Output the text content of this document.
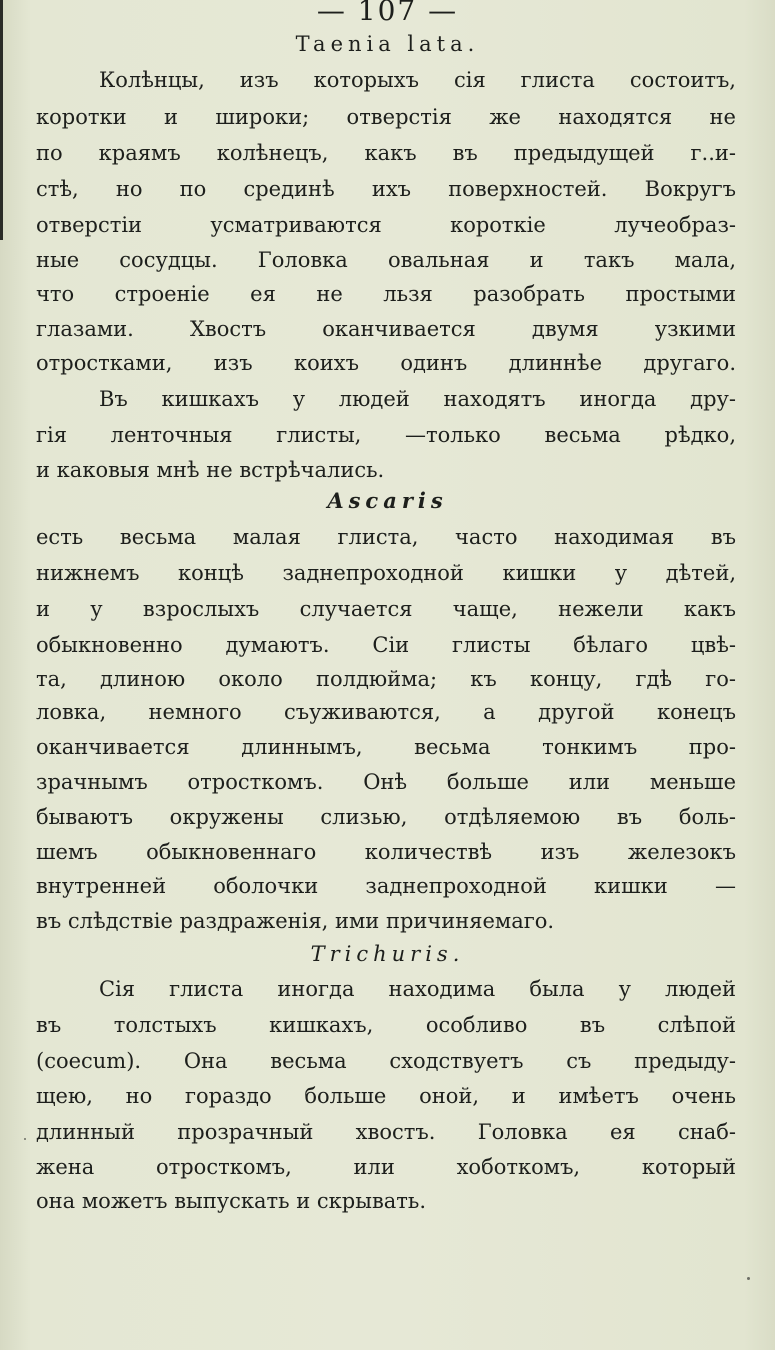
— 107 —
Taenia lata.
Колѣнцы, изъ которыхъ сія глиста состоитъ,
коротки и широки; отверстія же находятся не
по краямъ колѣнецъ, какъ въ предыдущей г..и-
стѣ, но по срединѣ ихъ поверхностей. Вокругъ
отверстіи усматриваются короткіе лучеобраз-
ные сосудцы. Головка овальная и такъ мала,
что строеніе ея не льзя разобрать простыми
глазами. Хвостъ оканчивается двумя узкими
отростками, изъ коихъ одинъ длиннѣе другаго.
Въ кишкахъ у людей находятъ иногда дру-
гія ленточныя глисты, —только весьма рѣдко,
и каковыя мнѣ не встрѣчались.
Ascaris
есть весьма малая глиста, часто находимая въ
нижнемъ концѣ заднепроходной кишки у дѣтей,
и у взрослыхъ случается чаще, нежели какъ
обыкновенно думаютъ. Сіи глисты бѣлаго цвѣ-
та, длиною около полдюйма; къ концу, гдѣ го-
ловка, немного съуживаются, а другой конецъ
оканчивается длиннымъ, весьма тонкимъ про-
зрачнымъ отросткомъ. Онѣ больше или меньше
бываютъ окружены слизью, отдѣляемою въ боль-
шемъ обыкновеннаго количествѣ изъ железокъ
внутренней оболочки заднепроходной кишки —
въ слѣдствіе раздраженія, ими причиняемаго.
Trichuris.
Сія глиста иногда находима была у людей
въ толстыхъ кишкахъ, особливо въ слѣпой
(coecum). Она весьма сходствуетъ съ предыду-
щею, но гораздо больше оной, и имѣетъ очень
длинный прозрачный хвостъ. Головка ея снаб-
жена отросткомъ, или хоботкомъ, который
она можетъ выпускать и скрывать.
